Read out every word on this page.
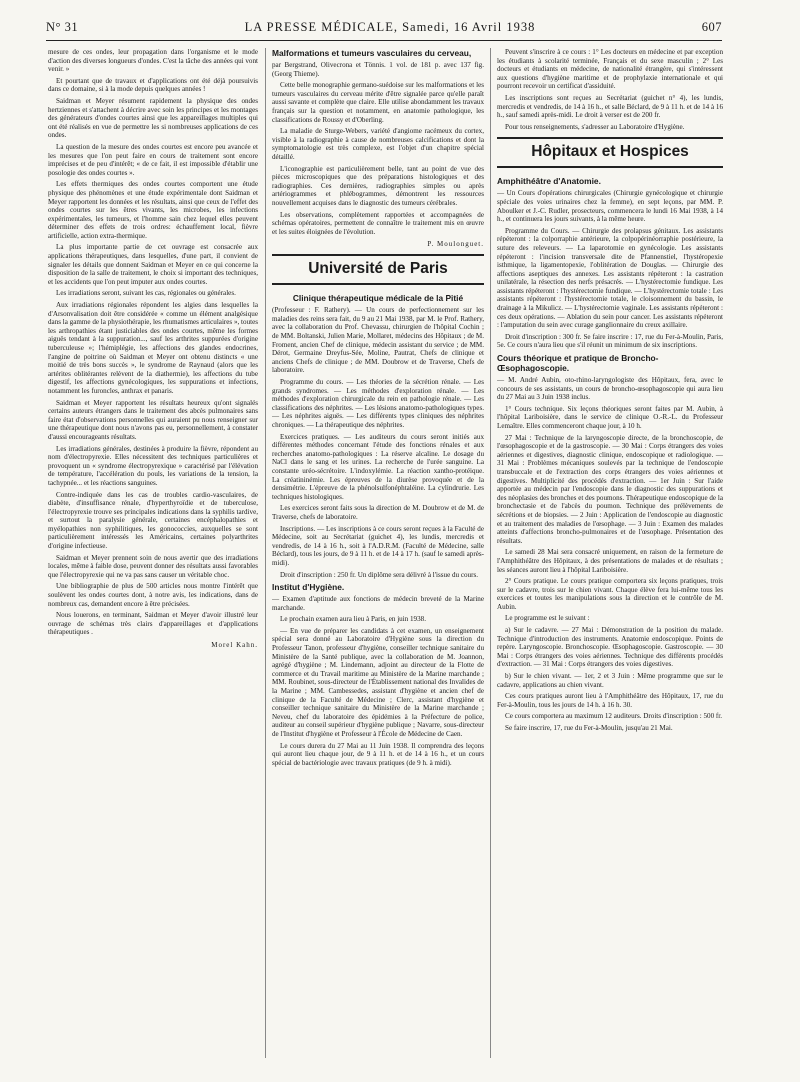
N° 31	LA PRESSE MÉDICALE, Samedi, 16 Avril 1938	607

mesure de ces ondes, leur propagation dans l'organisme et le mode d'action des diverses longueurs d'ondes. C'est la tâche des années qui vont venir. »

Et pourtant que de travaux et d'applications ont été déjà poursuivis dans ce domaine, si à la mode depuis quelques années !

Saidman et Meyer résument rapidement la physique des ondes hertziennes et s'attachent à décrire avec soin les principes et les montages des générateurs d'ondes courtes ainsi que les appareillages multiples qui ont été réalisés en vue de permettre les si nombreuses applications de ces ondes.

La question de la mesure des ondes courtes est encore peu avancée et les mesures que l'on peut faire en cours de traitement sont encore imprécises et de peu d'intérêt; « de ce fait, il est impossible d'établir une posologie des ondes courtes ».

Les effets thermiques des ondes courtes comportent une étude physique des phénomènes et une étude expérimentale dont Saidman et Meyer rapportent les données et les résultats, ainsi que ceux de l'effet des ondes courtes sur les êtres vivants, les microbes, les infections expérimentales, les tumeurs, et l'homme sain chez lequel elles peuvent déterminer des effets de trois ordres: échauffement local, fièvre artificielle, action extra-thermique.

La plus importante partie de cet ouvrage est consacrée aux applications thérapeutiques, dans lesquelles, d'une part, il convient de signaler les détails que donnent Saidman et Meyer en ce qui concerne la disposition de la salle de traitement, le choix si important des techniques, et les accidents que l'on peut imputer aux ondes courtes.

Les irradiations seront, suivant les cas, régionales ou générales.

Aux irradiations régionales répondent les algies dans lesquelles la d'Arsonvalisation doit être considérée « comme un élément analgésique dans la gamme de la physiothérapie, les rhumatismes articulaires », toutes les arthropathies étant justiciables des ondes courtes, même les formes aiguës tendant à la suppuration..., sauf les arthrites suppurées d'origine tuberculeuse »; l'hémiplégie, les affections des glandes endocrines, l'angine de poitrine où Saidman et Meyer ont obtenu distincts « une moitié de très bons succès », le syndrome de Raynaud (alors que les artérites oblitérantes relèvent de la diathermie), les affections du tube digestif, les affections gynécologiques, les suppurations et infections, notamment les furoncles, anthrax et panaris.

Saidman et Meyer rapportent les résultats heureux qu'ont signalés certains auteurs étrangers dans le traitement des abcès pulmonaires sans faire état d'observations personnelles qui auraient pu nous renseigner sur une thérapeutique dont nous n'avons pas eu, personnellement, à constater d'aussi encourageants résultats.

Les irradiations générales, destinées à produire la fièvre, répondent au nom d'électropyrexie. Elles nécessitent des techniques particulières et provoquent un « syndrome électropyrexique » caractérisé par l'élévation de température, l'accélération du pouls, les variations de la tension, la tachypnée... et les réactions sanguines.

Contre-indiquée dans les cas de troubles cardio-vasculaires, de diabète, d'insuffisance rénale, d'hyperthyroïdie et de tuberculose, l'électropyrexie trouve ses principales indications dans la syphilis tardive, et surtout la paralysie générale, certaines encéphalopathies et myélopathies non syphilitiques, les gonococcies, auxquelles se sont particulièrement intéressés les Américains, certaines polyarthrites d'origine infectieuse.

Saidman et Meyer prennent soin de nous avertir que des irradiations locales, même à faible dose, peuvent donner des résultats aussi favorables que l'électropyrexie qui ne va pas sans causer un véritable choc.

Une bibliographie de plus de 500 articles nous montre l'intérêt que soulèvent les ondes courtes dont, à notre avis, les indications, dans de nombreux cas, demandent encore à être précisées.

Nous louerons, en terminant, Saidman et Meyer d'avoir illustré leur ouvrage de schémas très clairs d'appareillages et d'applications thérapeutiques .

Morel Kahn.
Malformations et tumeurs vasculaires du cerveau,

par Bergstrand, Olivecrona et Tönnis. 1 vol. de 181 p. avec 137 fig. (Georg Thieme).

Cette belle monographie germano-suédoise sur les malformations et les tumeurs vasculaires du cerveau mérite d'être signalée parce qu'elle paraît aussi savante et complète que claire. Elle utilise abondamment les travaux français sur la question et notamment, en anatomie pathologique, les classifications de Roussy et d'Oberling.

La maladie de Sturge-Webers, variété d'angiome racémeux du cortex, visible à la radiographie à cause de nombreuses calcifications et dont la symptomatologie est très complexe, est l'objet d'un chapitre spécial détaillé.

L'iconographie est particulièrement belle, tant au point de vue des pièces microscopiques que des préparations histologiques et des radiographies. Ces dernières, radiographies simples ou après artériogrammes et phlébogrammes, démontrent les ressources nouvellement acquises dans le diagnostic des tumeurs cérébrales.

Les observations, complètement rapportées et accompagnées de schémas opératoires, permettent de connaître le traitement mis en œuvre et les suites éloignées de l'évolution.

P. Moulonguet.
Université de Paris
Clinique thérapeutique médicale de la Pitié

(Professeur : F. Rathery). — Un cours de perfectionnement sur les maladies des reins sera fait, du 9 au 21 Mai 1938, par M. le Prof. Rathery, avec la collaboration du Prof. Chevassu, chirurgien de l'hôpital Cochin ; de MM. Boltanski, Julien Marie, Mollaret, médecins des Hôpitaux ; de M. Froment, ancien Chef de clinique, médecin assistant du service ; de MM. Dérot, Germaine Dreyfus-Sée, Moline, Pautrat, Chefs de clinique et anciens Chefs de clinique ; de MM. Doubrow et de Traverse, Chefs de laboratoire.

Programme du cours. — Les théories de la sécrétion rénale. — Les grands syndromes. — Les méthodes d'exploration rénale. — Les méthodes d'exploration chirurgicale du rein en pathologie rénale. — Les classifications des néphrites. — Les lésions anatomo-pathologiques types. — Les néphrites aiguës. — Les différents types cliniques des néphrites chroniques. — La thérapeutique des néphrites.

Exercices pratiques. — Les auditeurs du cours seront initiés aux différentes méthodes concernant l'étude des fonctions rénales et aux recherches anatomo-pathologiques : La réserve alcaline. Le dosage du NaCl dans le sang et les urines. La recherche de l'urée sanguine. La constante uréo-sécrétoire. L'indoxylémie. La réaction xantho-protéique. La créatininémie. Les épreuves de la diurèse provoquée et de la densimétrie. L'épreuve de la phénolsulfonéphtaléine. La cylindrurie. Les techniques histologiques.

Les exercices seront faits sous la direction de M. Doubrow et de M. de Traverse, chefs de laboratoire.

Inscriptions. — Les inscriptions à ce cours seront reçues à la Faculté de Médecine, soit au Secrétariat (guichet 4), les lundis, mercredis et vendredis, de 14 à 16 h., soit à l'A.D.R.M. (Faculté de Médecine, salle Béclard), tous les jours, de 9 à 11 h. et de 14 à 17 h. (sauf le samedi après-midi).

Droit d'inscription : 250 fr. Un diplôme sera délivré à l'issue du cours.

Institut d'Hygiène.

— Examen d'aptitude aux fonctions de médecin breveté de la Marine marchande.

Le prochain examen aura lieu à Paris, en juin 1938.

— En vue de préparer les candidats à cet examen, un enseignement spécial sera donné au Laboratoire d'Hygiène sous la direction du Professeur Tanon, professeur d'hygiène, conseiller technique sanitaire du Ministère de la Santé publique, avec la collaboration de M. Joannon, agrégé d'hygiène ; M. Lindemann, adjoint au directeur de la Flotte de commerce et du Travail maritime au Ministère de la Marine marchande ; MM. Roubinet, sous-directeur de l'Établissement national des Invalides de la Marine ; MM. Cambessedes, assistant d'hygiène et ancien chef de clinique de la Faculté de Médecine ; Clerc, assistant d'hygiène et conseiller technique sanitaire du Ministère de la Marine marchande ; Neveu, chef du laboratoire des épidémies à la Préfecture de police, auditeur au conseil supérieur d'hygiène publique ; Navarre, sous-directeur de l'Institut d'hygiène et Professeur à l'École de Médecine de Caen.

Le cours durera du 27 Mai au 11 Juin 1938. Il comprendra des leçons qui auront lieu chaque jour, de 9 à 11 h. et de 14 à 16 h., et un cours spécial de bactériologie avec travaux pratiques (de 9 h. à midi).

Peuvent s'inscrire à ce cours : 1° Les docteurs en médecine et par exception les étudiants à scolarité terminée, Français et du sexe masculin ; 2° Les docteurs et étudiants en médecine, de nationalité étrangère, qui s'intéressent aux questions d'hygiène maritime et de prophylaxie internationale et qui pourront recevoir un certificat d'assiduité.

Les inscriptions sont reçues au Secrétariat (guichet n° 4), les lundis, mercredis et vendredis, de 14 à 16 h., et salle Béclard, de 9 à 11 h. et de 14 à 16 h., sauf samedi après-midi. Le droit à verser est de 200 fr.

Pour tous renseignements, s'adresser au Laboratoire d'Hygiène.

Hôpitaux et Hospices
Amphithéâtre d'Anatomie.

— Un Cours d'opérations chirurgicales (Chirurgie gynécologique et chirurgie spéciale des voies urinaires chez la femme), en sept leçons, par MM. P. Aboulker et J.-C. Rudler, prosecteurs, commencera le lundi 16 Mai 1938, à 14 h., et continuera les jours suivants, à la même heure.

Programme du Cours. — Chirurgie des prolapsus génitaux. Les assistants répéteront : la colporraphie antérieure, la colpopérinéorraphie postérieure, la suture des releveurs. — La laparotomie en gynécologie. Les assistants répéteront : l'incision transversale dite de Pfannenstiel, l'hystéropexie isthmique, la ligamentopexie, l'oblitération de Douglas. — Chirurgie des affections aseptiques des annexes. Les assistants répéteront : la castration unilatérale, la résection des nerfs présacrés. — L'hystérectomie fundique. Les assistants répéteront : l'hystérectomie fundique. — L'hystérectomie totale : Les assistants répéteront : l'hystérectomie totale, le cloisonnement du bassin, le drainage à la Mikulicz. — L'hystérectomie vaginale. Les assistants répéteront : ces deux opérations. — Ablation du sein pour cancer. Les assistants répéteront : l'amputation du sein avec curage ganglionnaire du creux axillaire.

Droit d'inscription : 300 fr. Se faire inscrire : 17, rue du Fer-à-Moulin, Paris, 5e. Ce cours n'aura lieu que s'il réunit un minimum de six inscriptions.

Cours théorique et pratique de Broncho-Œsophagoscopie.

— M. André Aubin, oto-rhino-laryngologiste des Hôpitaux, fera, avec le concours de ses assistants, un cours de broncho-œsophagoscopie qui aura lieu du 27 Mai au 3 Juin 1938 inclus.

1° Cours technique. Six leçons théoriques seront faites par M. Aubin, à l'hôpital Lariboisière, dans le service de clinique O.-R.-L. du Professeur Lemaître. Elles commenceront chaque jour, à 10 h.

27 Mai : Technique de la laryngoscopie directe, de la bronchoscopie, de l'œsophagoscopie et de la gastroscopie. — 30 Mai : Corps étrangers des voies aériennes et digestives, diagnostic clinique, endoscopique et radiologique. — 31 Mai : Problèmes mécaniques soulevés par la technique de l'endoscopie transbuccale et de l'extraction des corps étrangers des voies aériennes et digestives. Multiplicité des procédés d'extraction. — 1er Juin : Sur l'aide apportée au médecin par l'endoscopie dans le diagnostic des suppurations et des néoplasies des bronches et des poumons. Thérapeutique endoscopique de la bronchectasie et de l'abcès du poumon. Technique des prélèvements de sécrétions et de biopsies. — 2 Juin : Application de l'endoscopie au diagnostic et au traitement des maladies de l'œsophage. — 3 Juin : Examen des malades atteints d'affections broncho-pulmonaires et de l'œsophage. Présentation des résultats.

Le samedi 28 Mai sera consacré uniquement, en raison de la fermeture de l'Amphithéâtre des Hôpitaux, à des présentations de malades et de résultats ; les séances auront lieu à l'hôpital Lariboisière.

2° Cours pratique. Le cours pratique comportera six leçons pratiques, trois sur le cadavre, trois sur le chien vivant. Chaque élève fera lui-même tous les exercices et toutes les manipulations sous la direction et le contrôle de M. Aubin.

Le programme est le suivant :

a) Sur le cadavre. — 27 Mai : Démonstration de la position du malade. Technique d'introduction des instruments. Anatomie endoscopique. Points de repère. Laryngoscopie. Bronchoscopie. Œsophagoscopie. Gastroscopie. — 30 Mai : Corps étrangers des voies aériennes. Technique des différents procédés d'extraction. — 31 Mai : Corps étrangers des voies digestives.

b) Sur le chien vivant. — 1er, 2 et 3 Juin : Même programme que sur le cadavre, applications au chien vivant.

Ces cours pratiques auront lieu à l'Amphithéâtre des Hôpitaux, 17, rue du Fer-à-Moulin, tous les jours de 14 h. à 16 h. 30.

Ce cours comportera au maximum 12 auditeurs. Droits d'inscription : 500 fr.

Se faire inscrire, 17, rue du Fer-à-Moulin, jusqu'au 21 Mai.
